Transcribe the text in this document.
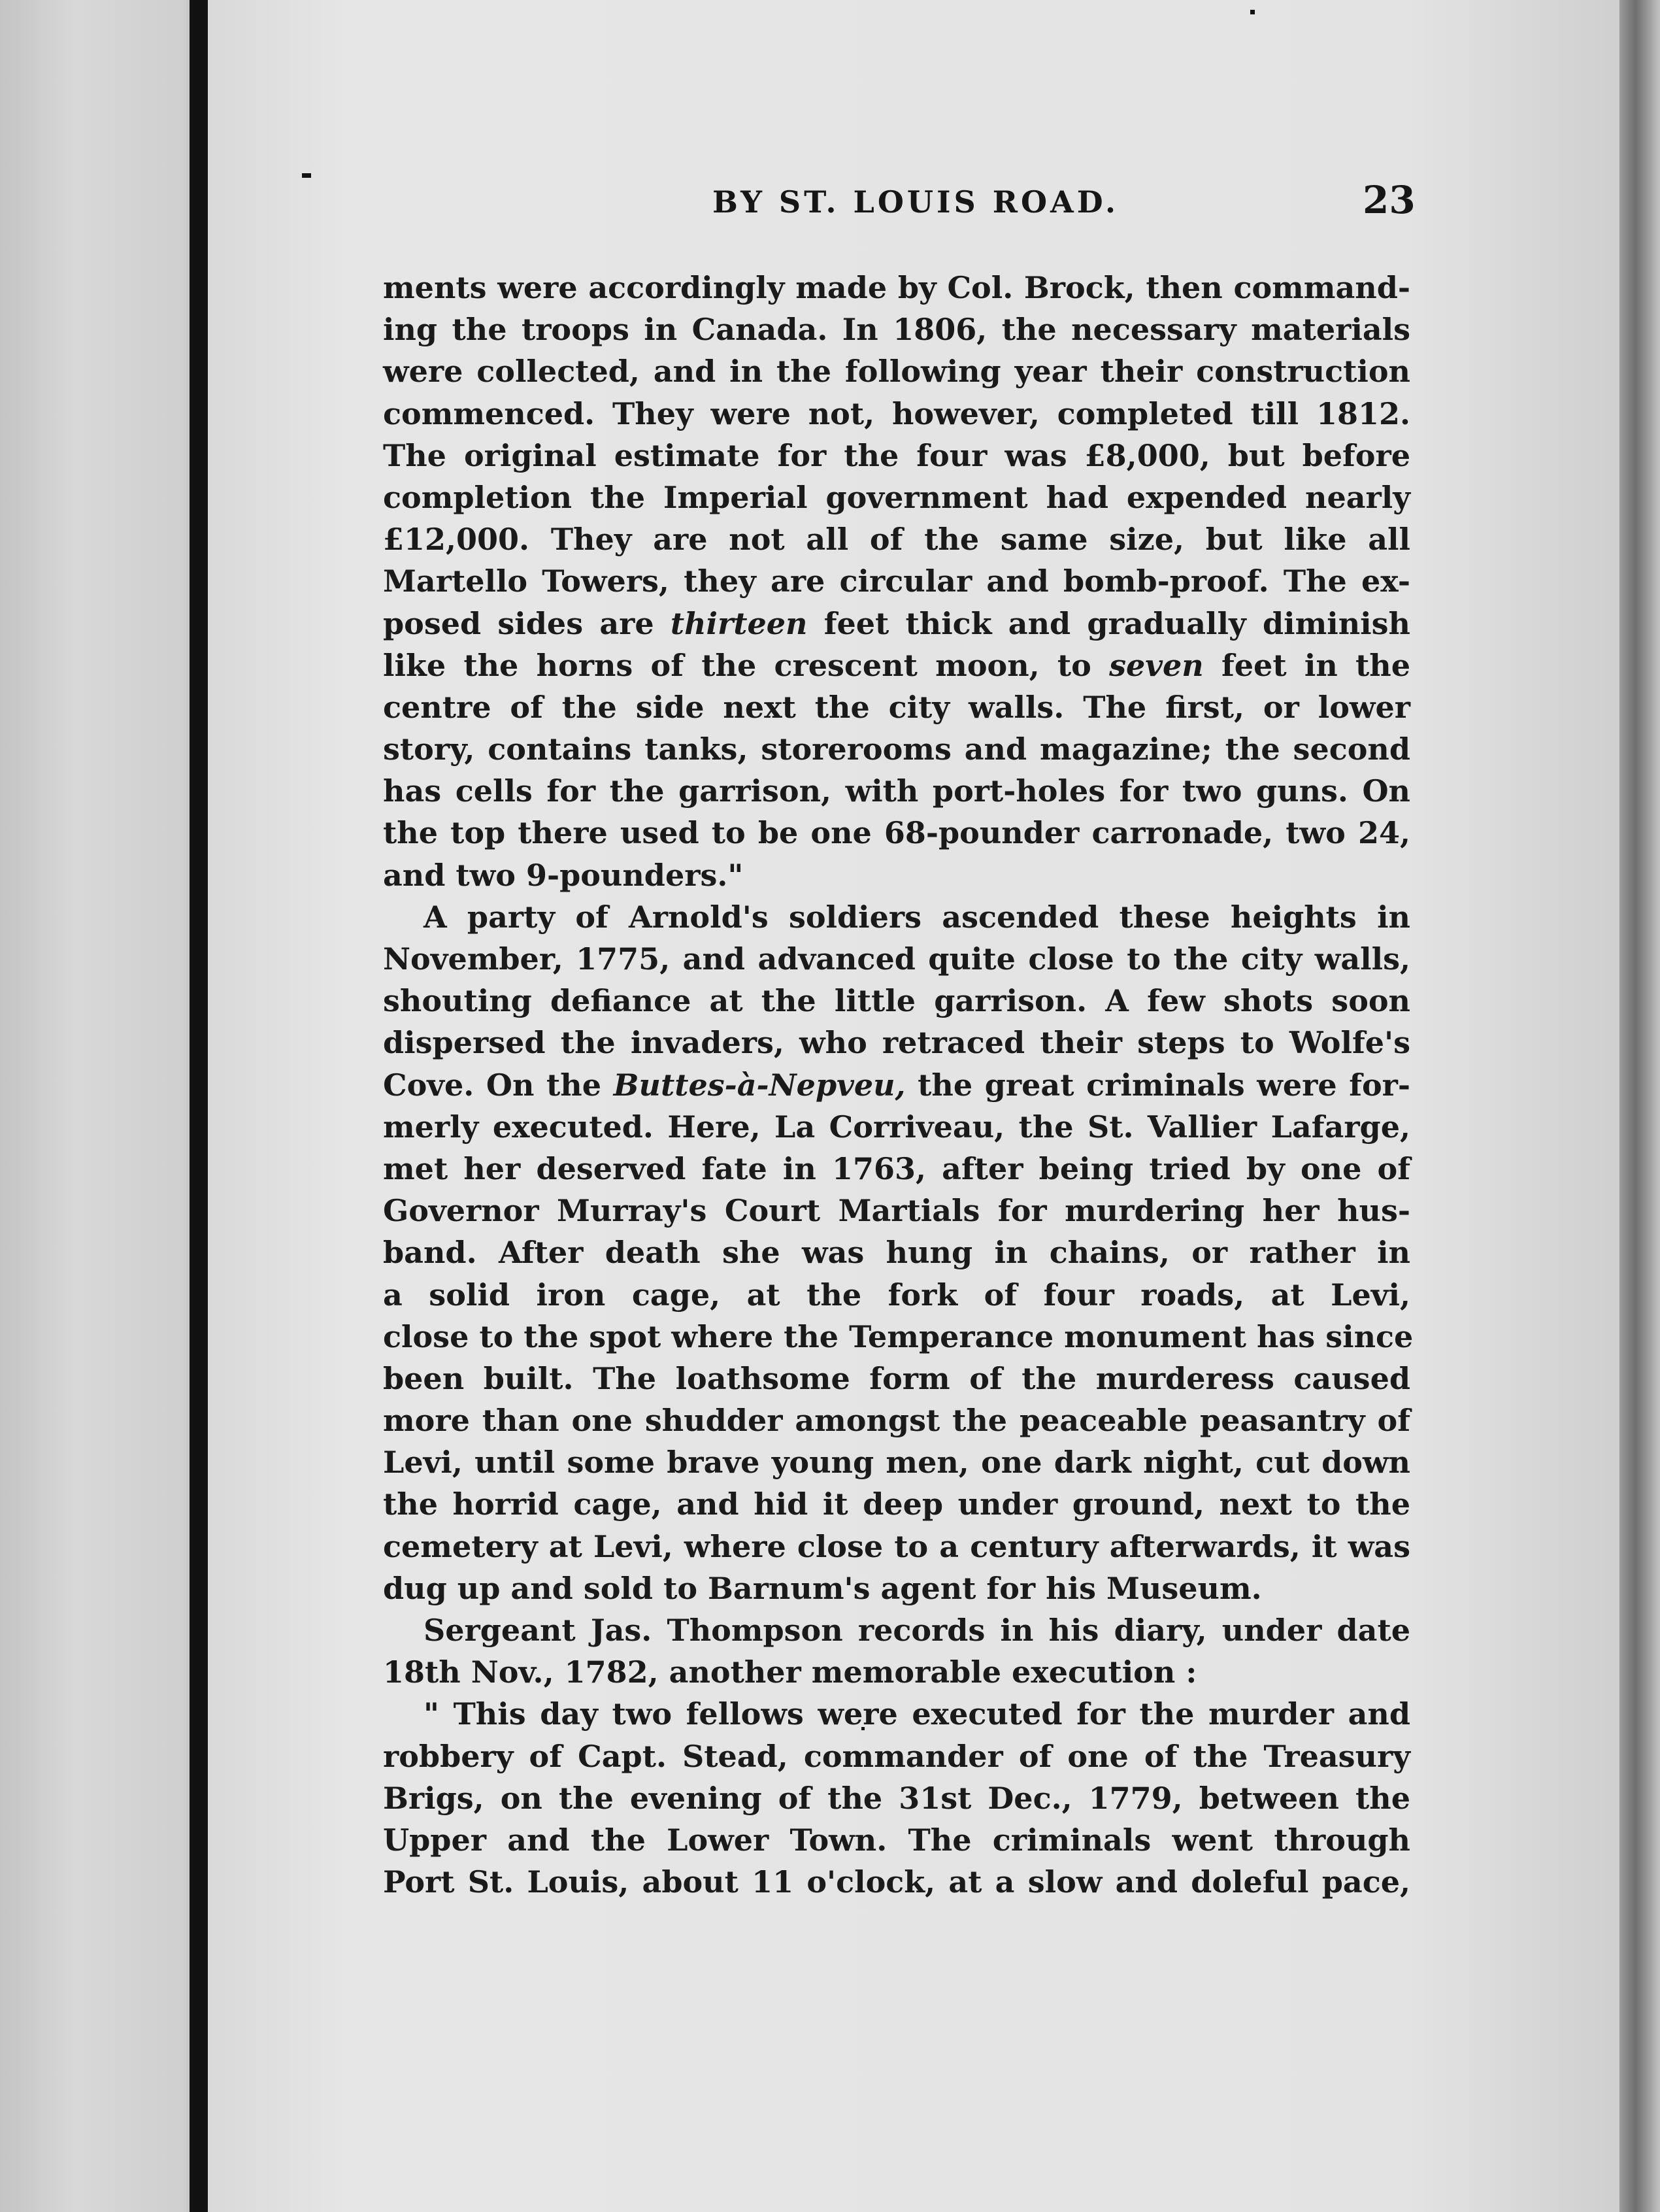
BY ST. LOUIS ROAD.	23
ments were accordingly made by Col. Brock, then command-
ing the troops in Canada. In 1806, the necessary materials
were collected, and in the following year their construction
commenced. They were not, however, completed till 1812.
The original estimate for the four was £8,000, but before
completion the Imperial government had expended nearly
£12,000. They are not all of the same size, but like all
Martello Towers, they are circular and bomb-proof. The ex-
posed sides are thirteen feet thick and gradually diminish
like the horns of the crescent moon, to seven feet in the
centre of the side next the city walls. The first, or lower
story, contains tanks, storerooms and magazine; the second
has cells for the garrison, with port-holes for two guns. On
the top there used to be one 68-pounder carronade, two 24,
and two 9-pounders."
A party of Arnold's soldiers ascended these heights in
November, 1775, and advanced quite close to the city walls,
shouting defiance at the little garrison. A few shots soon
dispersed the invaders, who retraced their steps to Wolfe's
Cove. On the Buttes-à-Nepveu, the great criminals were for-
merly executed. Here, La Corriveau, the St. Vallier Lafarge,
met her deserved fate in 1763, after being tried by one of
Governor Murray's Court Martials for murdering her hus-
band. After death she was hung in chains, or rather in
a solid iron cage, at the fork of four roads, at Levi,
close to the spot where the Temperance monument has since
been built. The loathsome form of the murderess caused
more than one shudder amongst the peaceable peasantry of
Levi, until some brave young men, one dark night, cut down
the horrid cage, and hid it deep under ground, next to the
cemetery at Levi, where close to a century afterwards, it was
dug up and sold to Barnum's agent for his Museum.
Sergeant Jas. Thompson records in his diary, under date
18th Nov., 1782, another memorable execution :
" This day two fellows were executed for the murder and
robbery of Capt. Stead, commander of one of the Treasury
Brigs, on the evening of the 31st Dec., 1779, between the
Upper and the Lower Town. The criminals went through
Port St. Louis, about 11 o'clock, at a slow and doleful pace,
